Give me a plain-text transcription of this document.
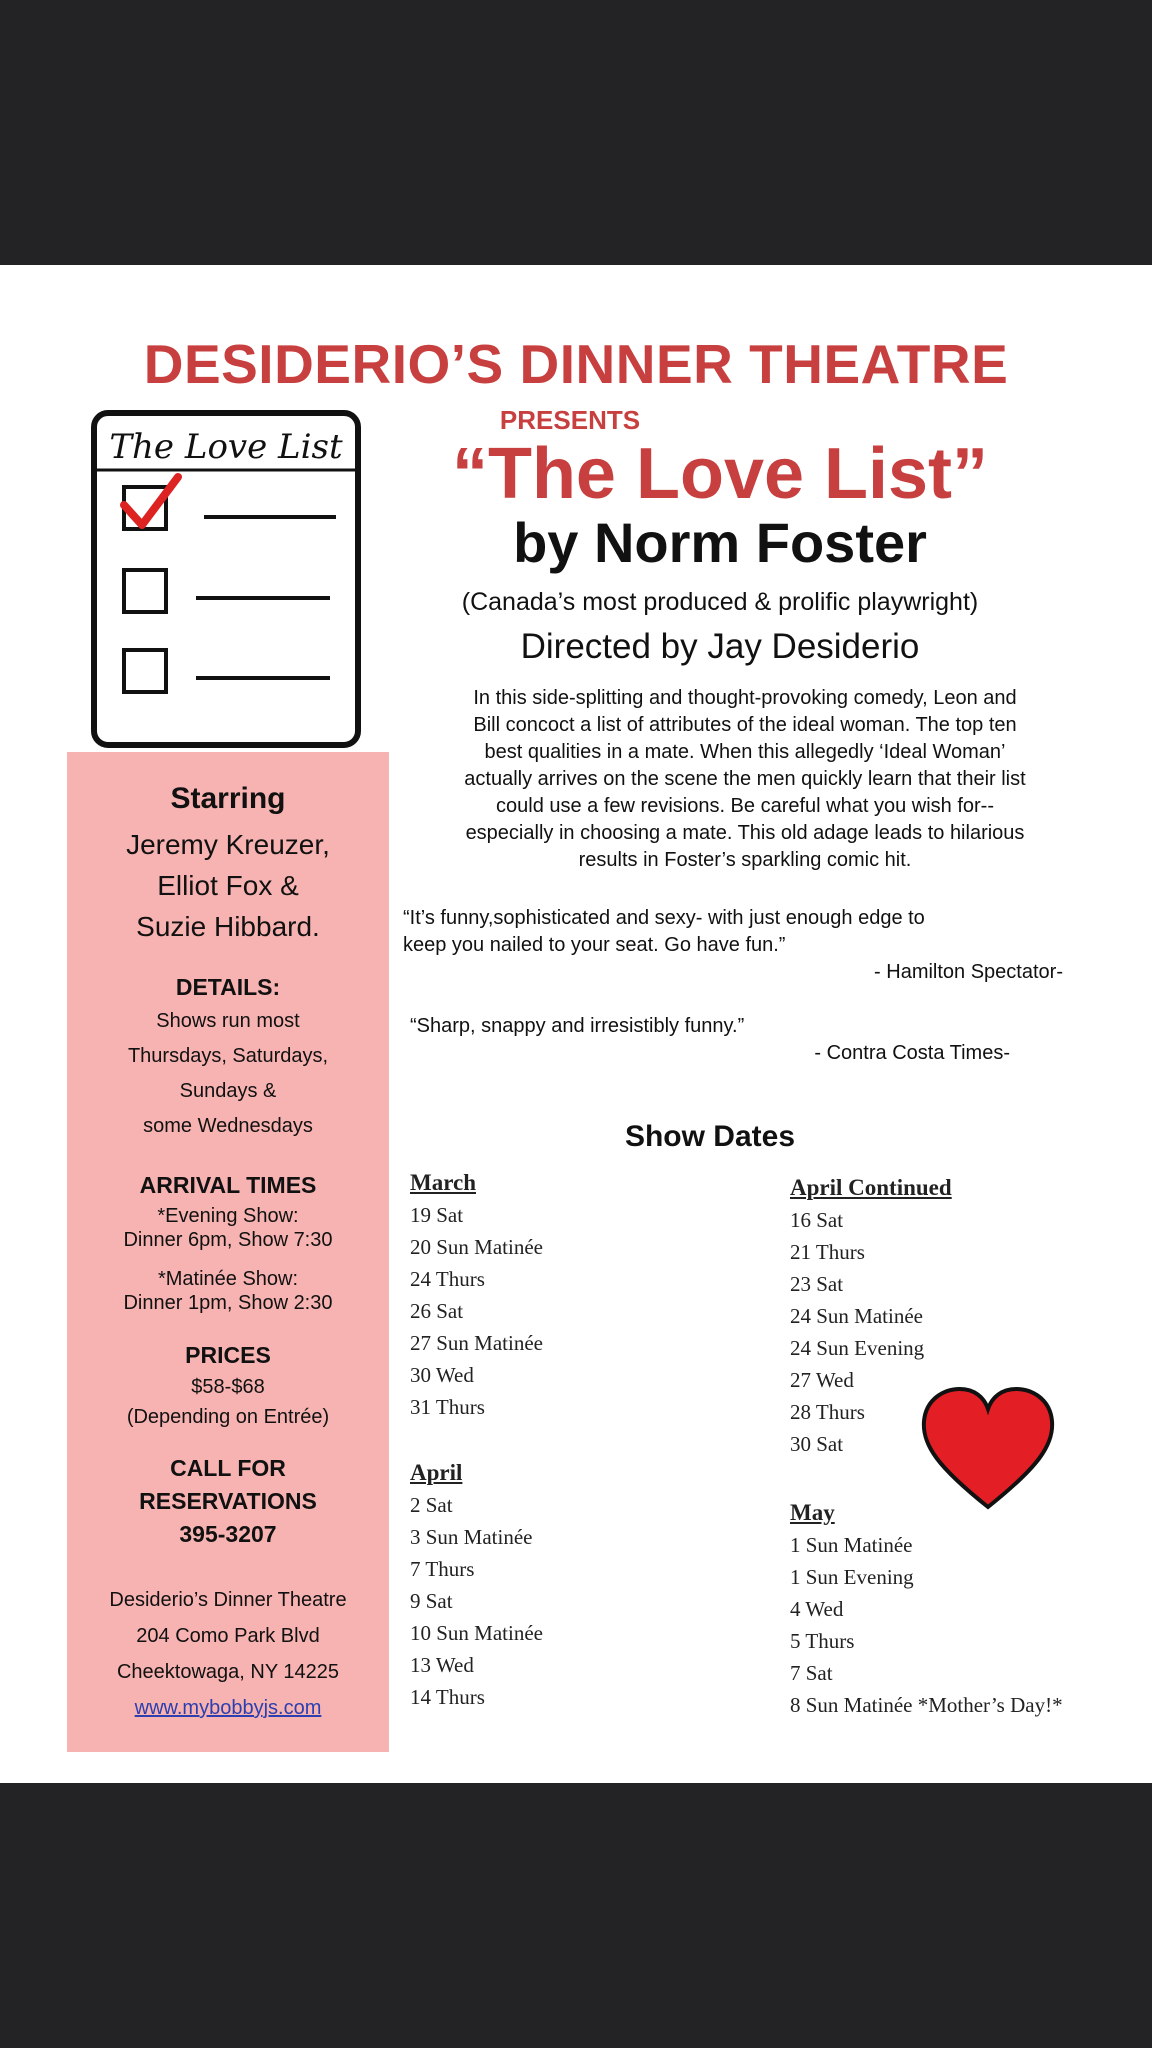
DESIDERIO’S DINNER THEATRE
PRESENTS
“The Love List”
by Norm Foster
(Canada’s most produced & prolific playwright)
Directed by Jay Desiderio
The Love List
In this side-splitting and thought-provoking comedy, Leon and
Bill concoct a list of attributes of the ideal woman. The top ten
best qualities in a mate. When this allegedly ‘Ideal Woman’
actually arrives on the scene the men quickly learn that their list
could use a few revisions. Be careful what you wish for--
especially in choosing a mate. This old adage leads to hilarious
results in Foster’s sparkling comic hit.
“It’s funny,sophisticated and sexy- with just enough edge to
keep you nailed to your seat. Go have fun.”
- Hamilton Spectator-
“Sharp, snappy and irresistibly funny.”
- Contra Costa Times-
Starring
Jeremy Kreuzer,
Elliot Fox &
Suzie Hibbard.
DETAILS:
Shows run most
Thursdays, Saturdays,
Sundays &
some Wednesdays
ARRIVAL TIMES
*Evening Show:
Dinner 6pm, Show 7:30
*Matinée Show:
Dinner 1pm, Show 2:30
PRICES
$58-$68
(Depending on Entrée)
CALL FOR
RESERVATIONS
395-3207
Desiderio’s Dinner Theatre
204 Como Park Blvd
Cheektowaga, NY 14225
www.mybobbyjs.com
Show Dates
March
19 Sat
20 Sun Matinée
24 Thurs
26 Sat
27 Sun Matinée
30 Wed
31 Thurs
April
2 Sat
3 Sun Matinée
7 Thurs
9 Sat
10 Sun Matinée
13 Wed
14 Thurs
April Continued
16 Sat
21 Thurs
23 Sat
24 Sun Matinée
24 Sun Evening
27 Wed
28 Thurs
30 Sat
May
1 Sun Matinée
1 Sun Evening
4 Wed
5 Thurs
7 Sat
8 Sun Matinée *Mother’s Day!*
